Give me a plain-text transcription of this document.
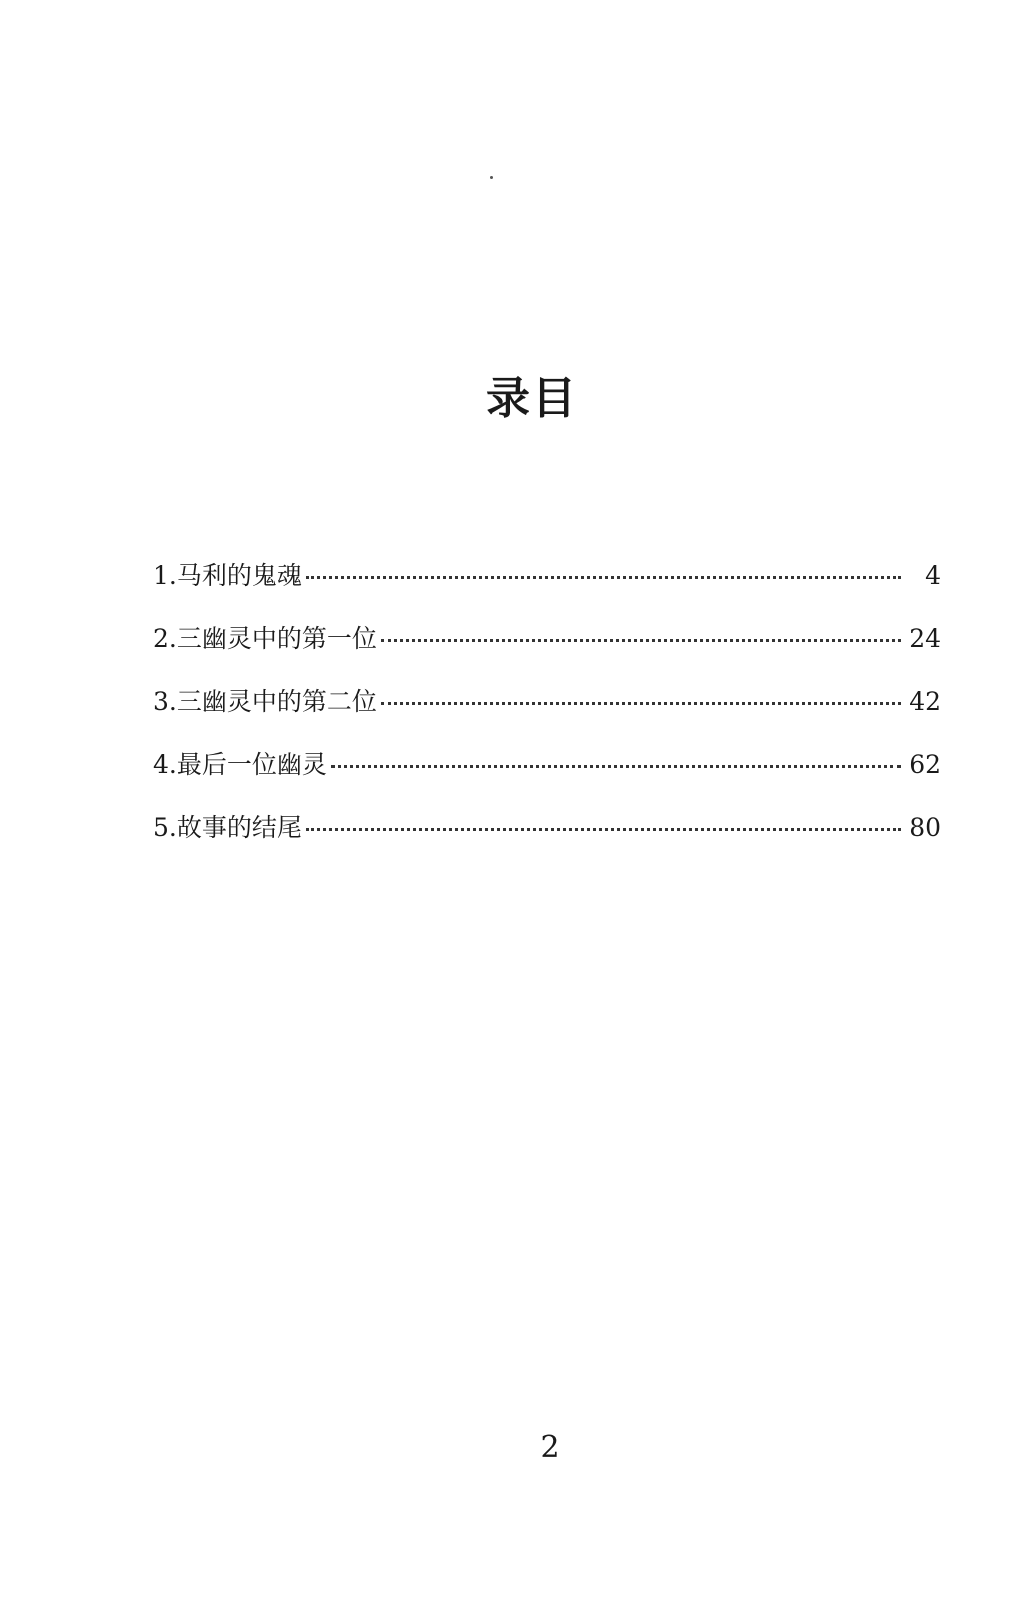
录目
1.马利的鬼魂	4
2.三幽灵中的第一位	24
3.三幽灵中的第二位	42
4.最后一位幽灵	62
5.故事的结尾	80
2
